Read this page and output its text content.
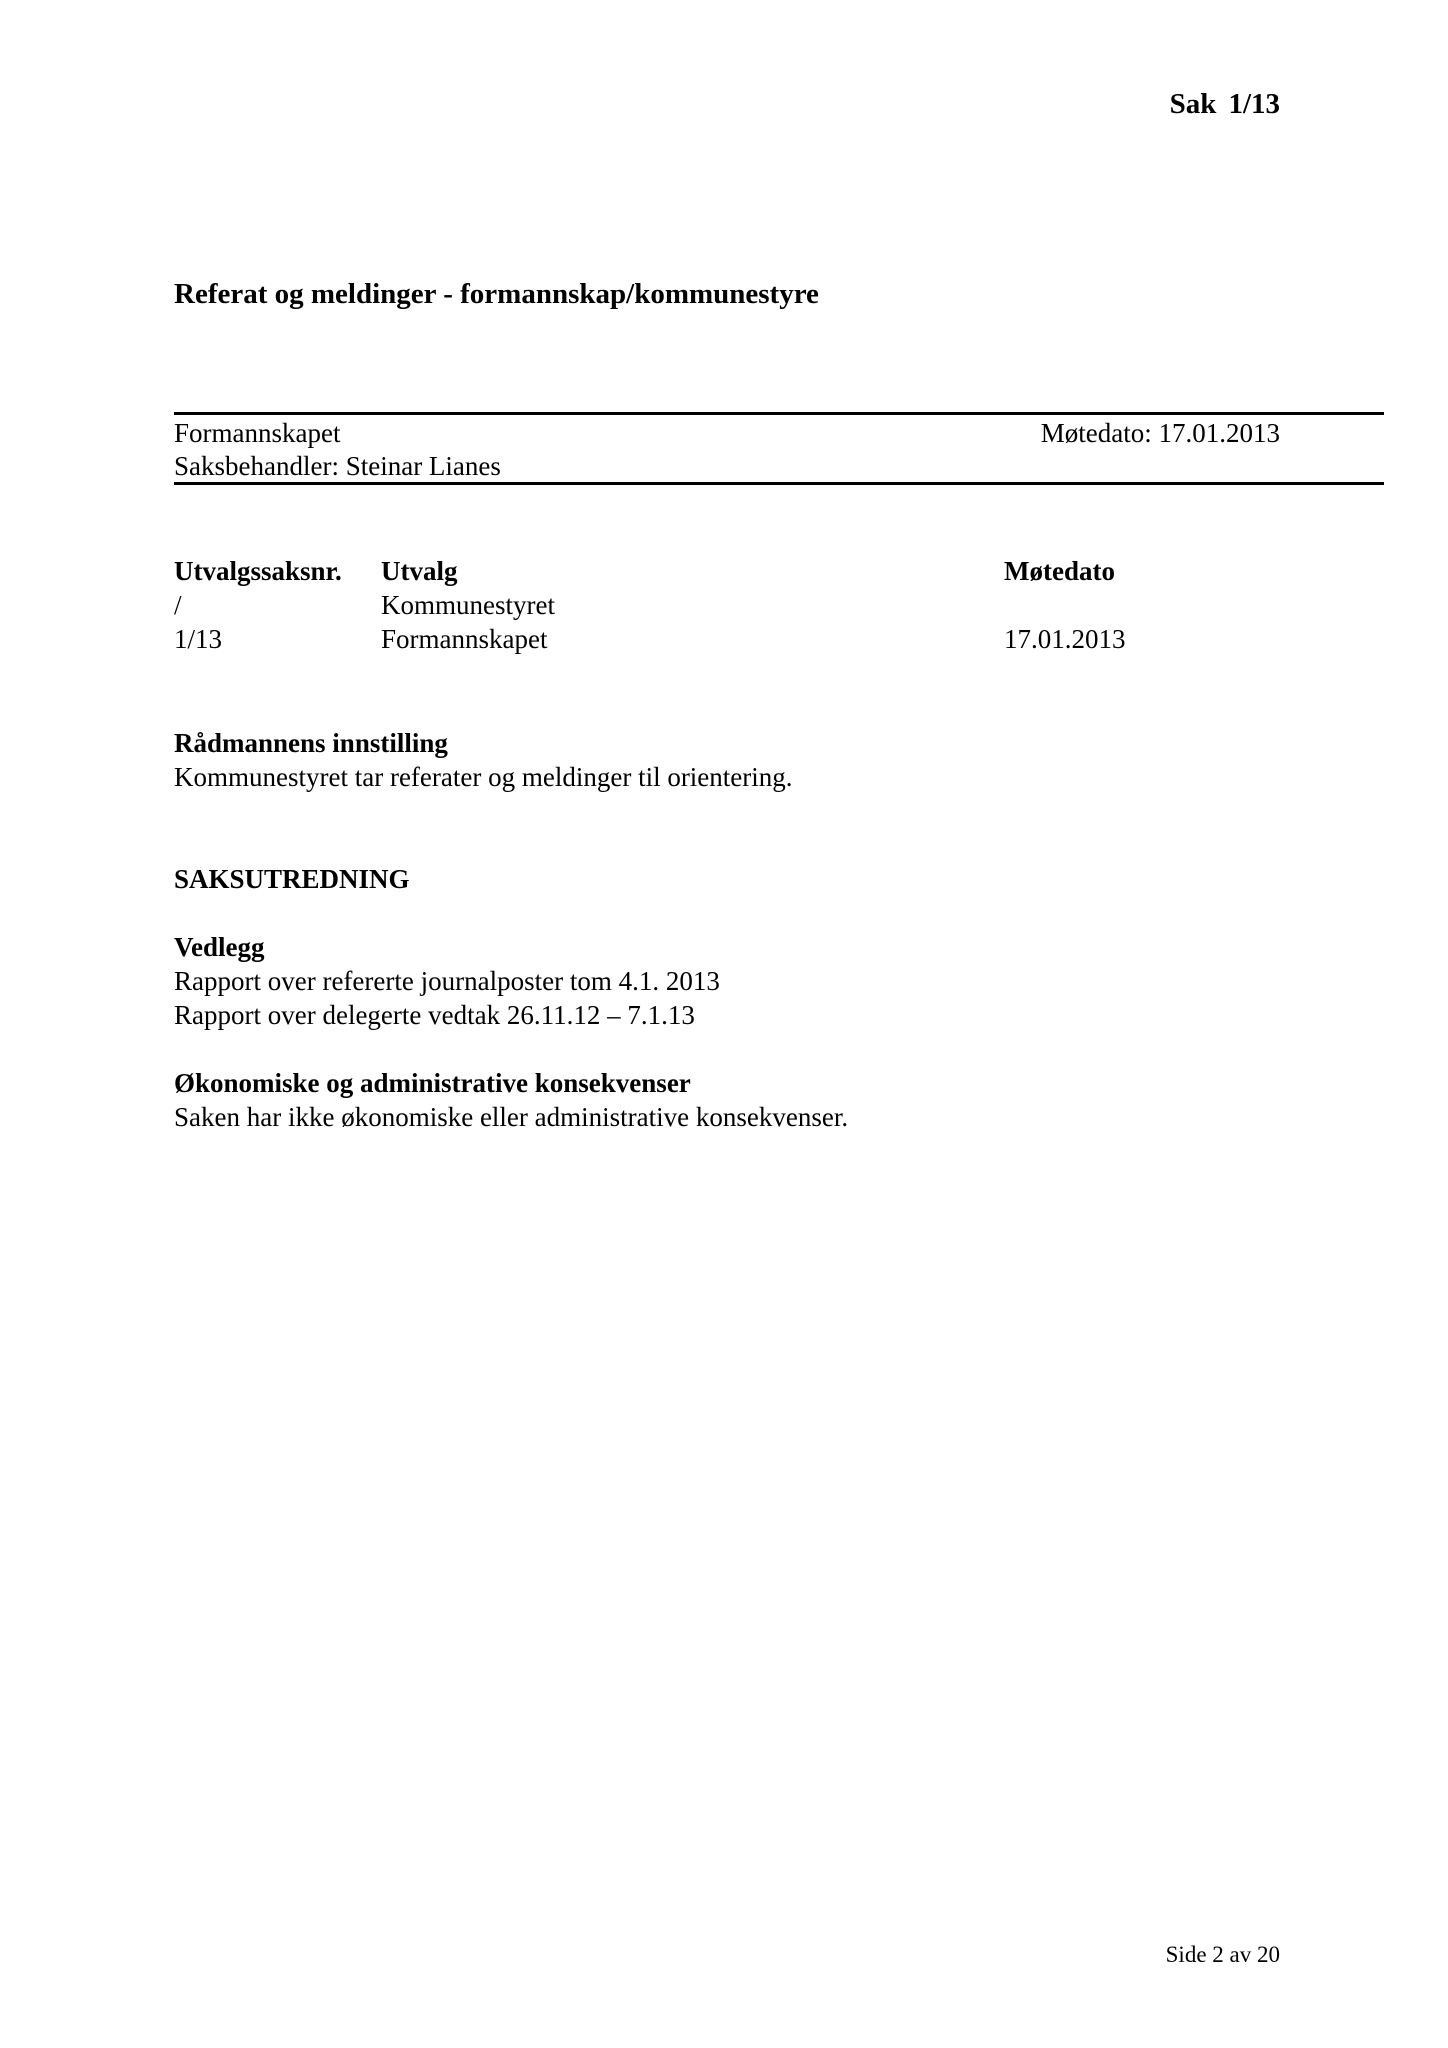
Sak 1/13
Referat og meldinger - formannskap/kommunestyre
Formannskapet
Saksbehandler: Steinar Lianes
Møtedato: 17.01.2013
Utvalgssaksnr. Utvalg	Møtedato
/	Kommunestyret
1/13	Formannskapet	17.01.2013
Rådmannens innstilling
Kommunestyret tar referater og meldinger til orientering.
SAKSUTREDNING
Vedlegg
Rapport over refererte journalposter tom 4.1. 2013
Rapport over delegerte vedtak 26.11.12 – 7.1.13
Økonomiske og administrative konsekvenser
Saken har ikke økonomiske eller administrative konsekvenser.
Side 2 av 20
